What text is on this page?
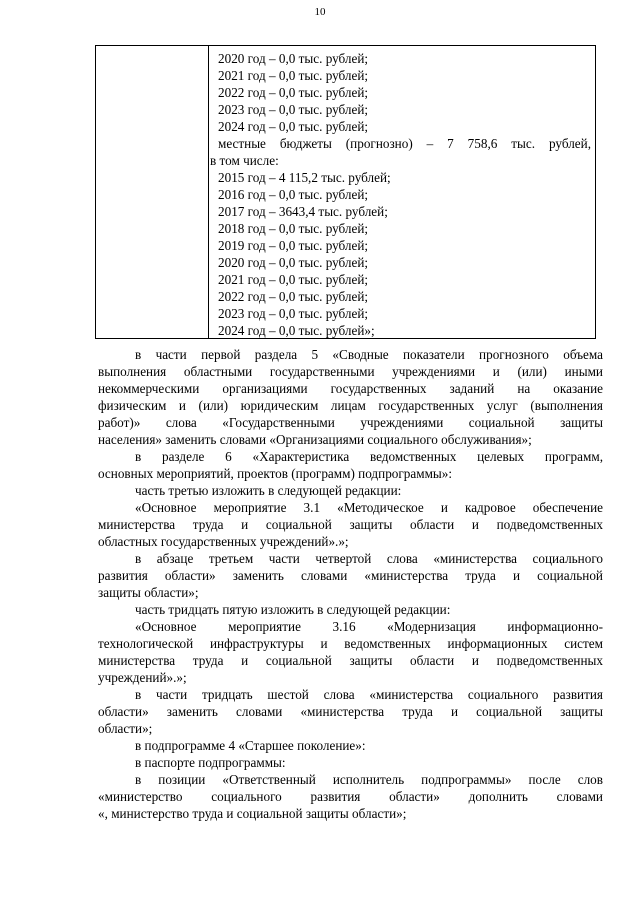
10
2020 год – 0,0 тыс. рублей;
2021 год – 0,0 тыс. рублей;
2022 год – 0,0 тыс. рублей;
2023 год – 0,0 тыс. рублей;
2024 год – 0,0 тыс. рублей;
местные бюджеты (прогнозно) – 7 758,6 тыс. рублей,
в том числе:
2015 год – 4 115,2 тыс. рублей;
2016 год – 0,0 тыс. рублей;
2017 год – 3643,4 тыс. рублей;
2018 год – 0,0 тыс. рублей;
2019 год – 0,0 тыс. рублей;
2020 год – 0,0 тыс. рублей;
2021 год – 0,0 тыс. рублей;
2022 год – 0,0 тыс. рублей;
2023 год – 0,0 тыс. рублей;
2024 год – 0,0 тыс. рублей»;
в части первой раздела 5 «Сводные показатели прогнозного объема
выполнения областными государственными учреждениями и (или) иными
некоммерческими организациями государственных заданий на оказание
физическим и (или) юридическим лицам государственных услуг (выполнения
работ)» слова «Государственными учреждениями социальной защиты
населения» заменить словами «Организациями социального обслуживания»;
в разделе 6 «Характеристика ведомственных целевых программ,
основных мероприятий, проектов (программ) подпрограммы»:
часть третью изложить в следующей редакции:
«Основное мероприятие 3.1 «Методическое и кадровое обеспечение
министерства труда и социальной защиты области и подведомственных
областных государственных учреждений».»;
в абзаце третьем части четвертой слова «министерства социального
развития области» заменить словами «министерства труда и социальной
защиты области»;
часть тридцать пятую изложить в следующей редакции:
«Основное мероприятие 3.16 «Модернизация информационно-
технологической инфраструктуры и ведомственных информационных систем
министерства труда и социальной защиты области и подведомственных
учреждений».»;
в части тридцать шестой слова «министерства социального развития
области» заменить словами «министерства труда и социальной защиты
области»;
в подпрограмме 4 «Старшее поколение»:
в паспорте подпрограммы:
в позиции «Ответственный исполнитель подпрограммы» после слов
«министерство социального развития области» дополнить словами
«, министерство труда и социальной защиты области»;
